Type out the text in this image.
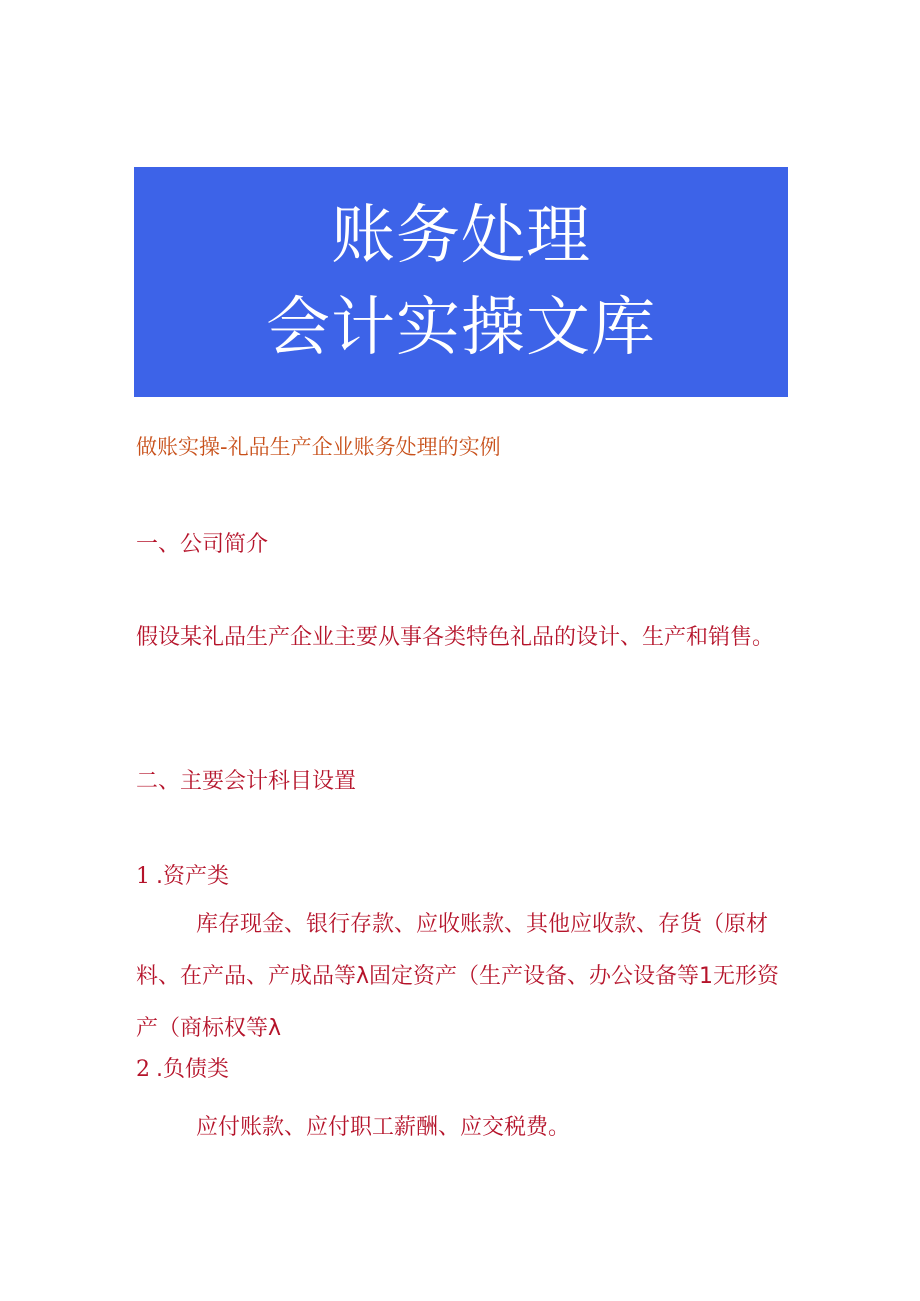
账务处理
会计实操文库
做账实操-礼品生产企业账务处理的实例
一、公司简介
假设某礼品生产企业主要从事各类特色礼品的设计、生产和销售。
二、主要会计科目设置
1 .资产类
库存现金、银行存款、应收账款、其他应收款、存货（原材料、在产品、产成品等λ固定资产（生产设备、办公设备等1无形资产（商标权等λ
2 .负债类
应付账款、应付职工薪酬、应交税费。
